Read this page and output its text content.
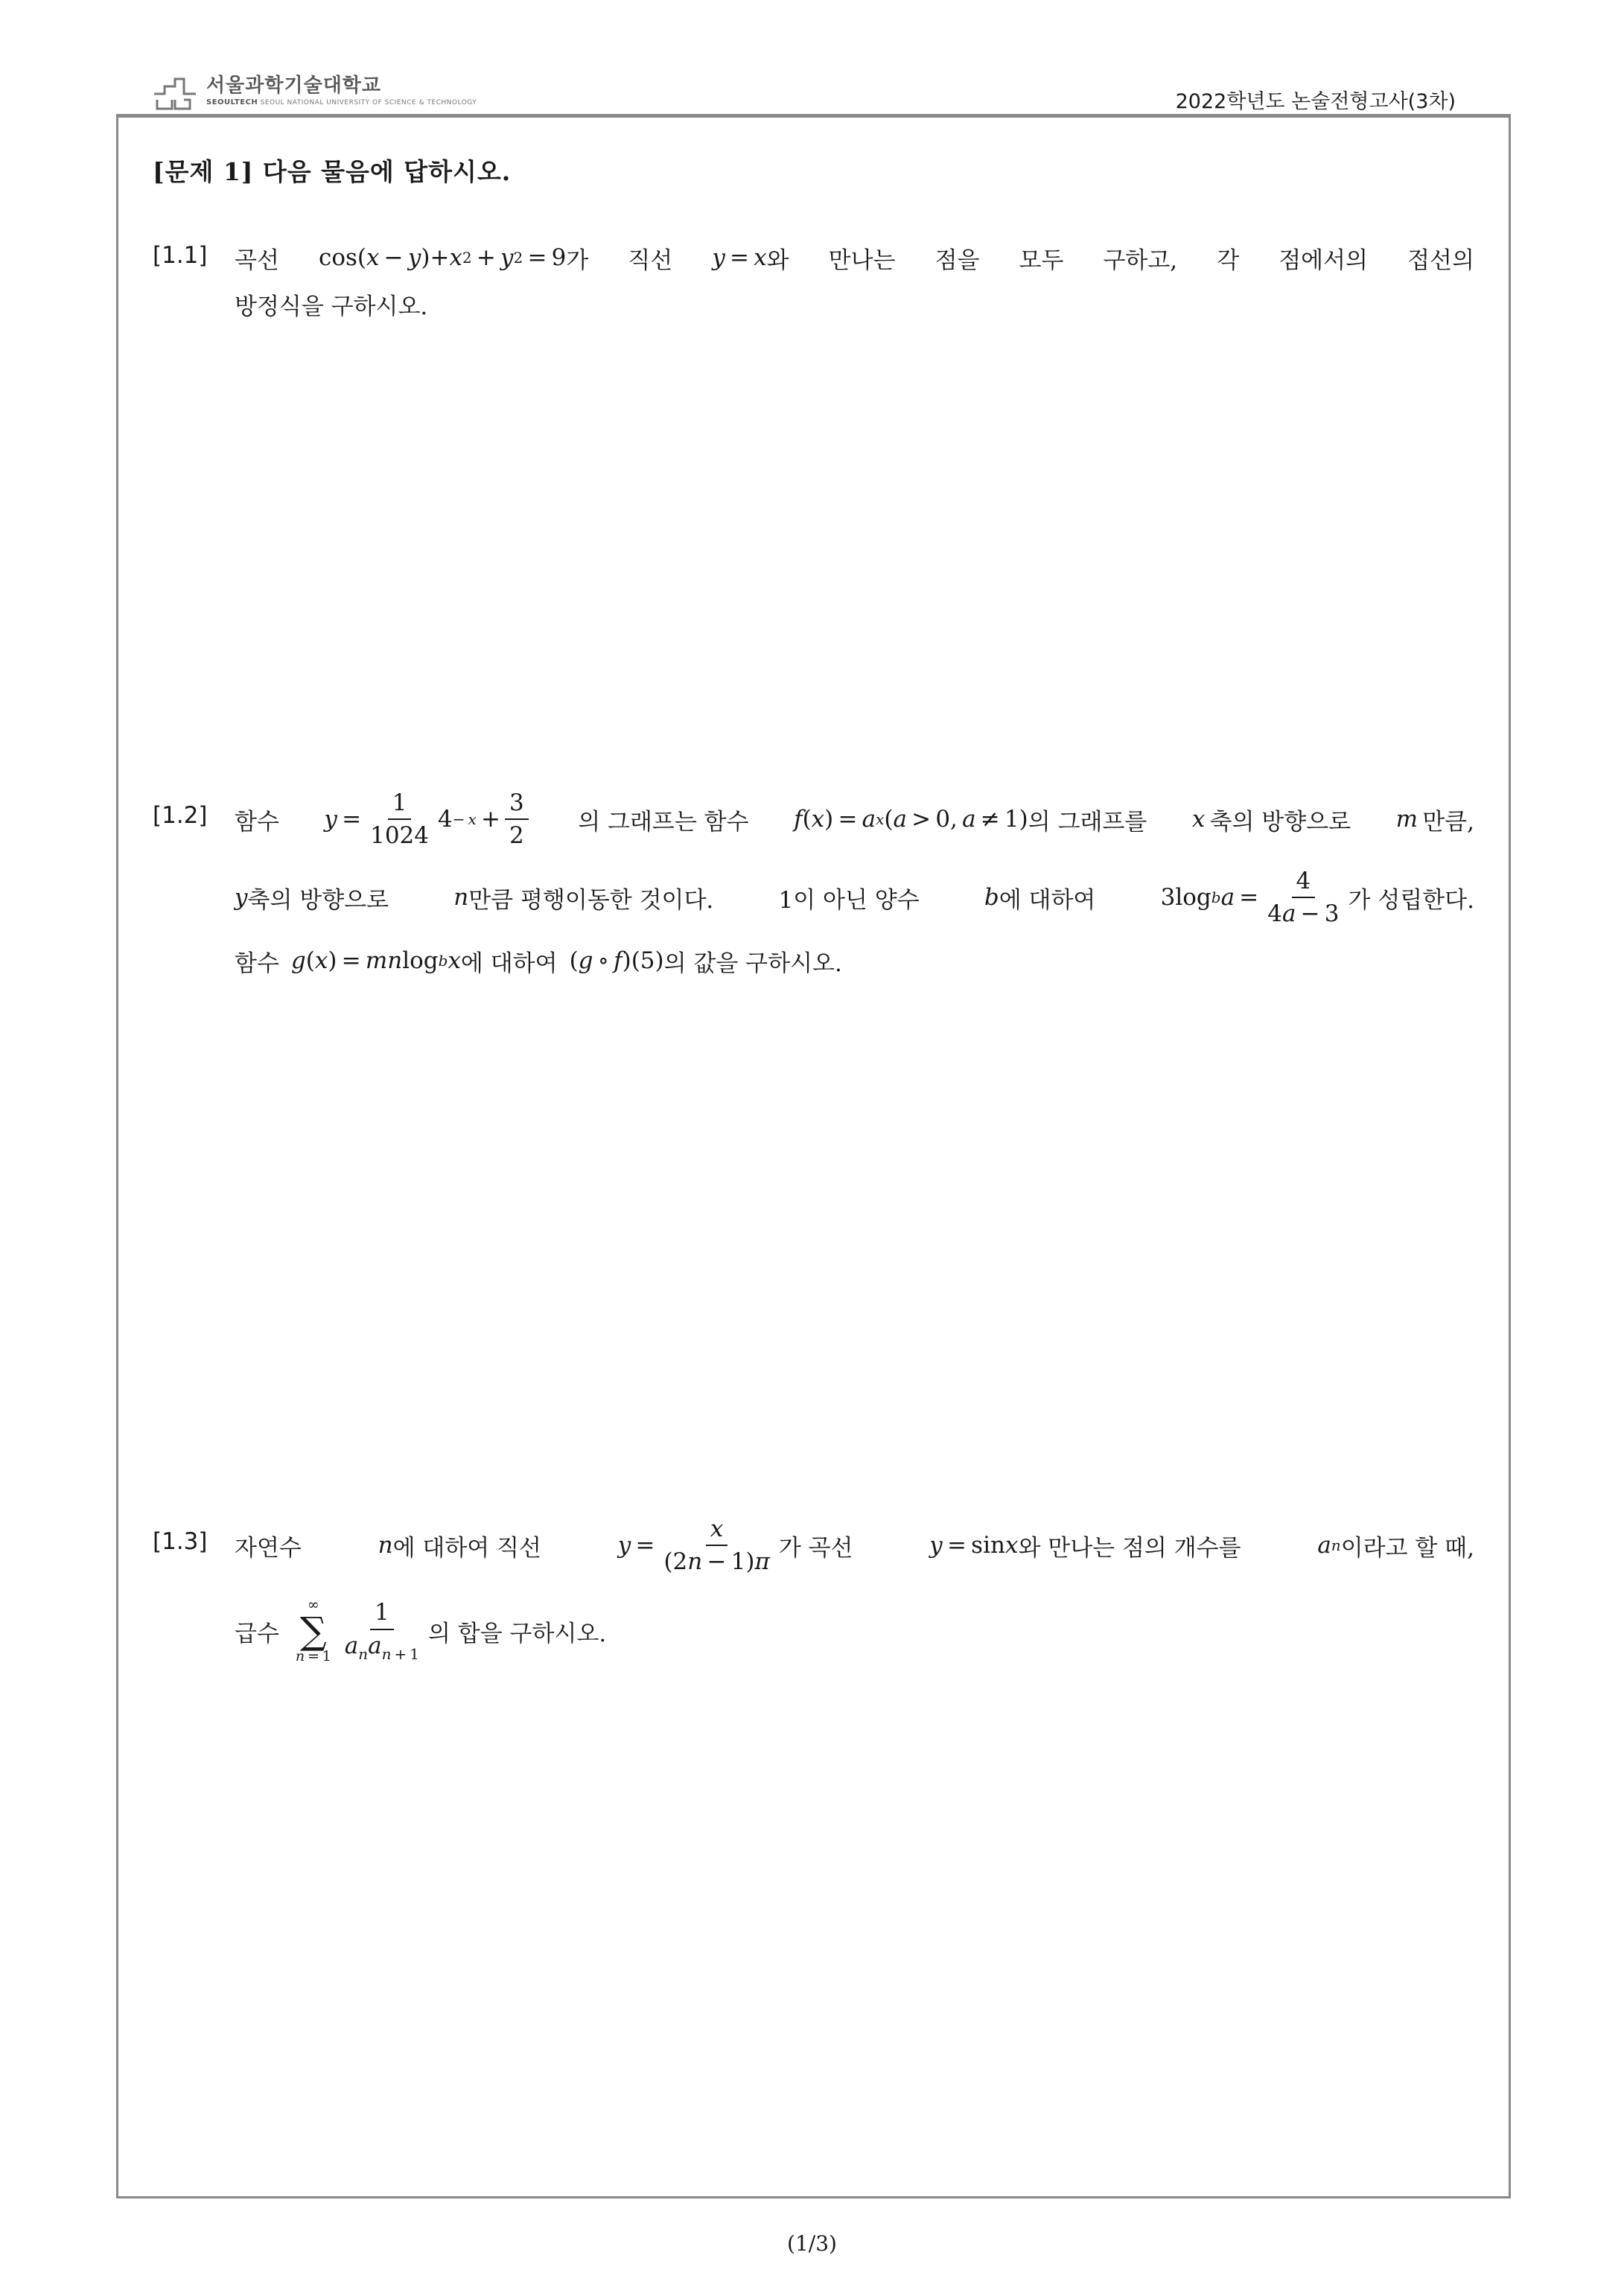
서울과학기술대학교
SEOULTECH SEOUL NATIONAL UNIVERSITY OF SCIENCE & TECHNOLOGY	2022학년도 논술전형고사(3차)
[문제 1] 다음 물음에 답하시오.
[1.1] 곡선 cos ( x  −  y )+ x 2  +  y 2  = 9 가 직선 y  =  x 와 만나는 점을 모두 구하고, 각 점에서의 접선의
방정식을 구하시오.
[1.2] 함수 $y = \frac{1}{1024} 4 - x + \frac{3}{2}$ 의 그래프는 함수 f ( x ) =  a x ( a  > 0,  a  ≠ 1) 의 그래프를 x
  축의 방향으로 m
  만큼,
y 축의 방향으로	n 만큼 평행이동한 것이다.	1이 아닌 양수	b 에 대하여	3 log b $a = \frac{4}{4a - 3}$ 가 성립한다.
함수 g ( x ) =  mn log b x 에 대하여 ( g  ∘  f )(5) 의 값을 구하시오.
[1.3] 자연수	n 에 대하여 직선	$y = \frac{x}{(2n - 1)\pi}$ 가 곡선	y  =  sin x 와 만나는 점의 개수를	a n 이라고 할 때,
급수
∞
∑
$n = 1 \frac{1}{a_na_{n + 1}}$ 의 합을 구하시오.
(1/3)
